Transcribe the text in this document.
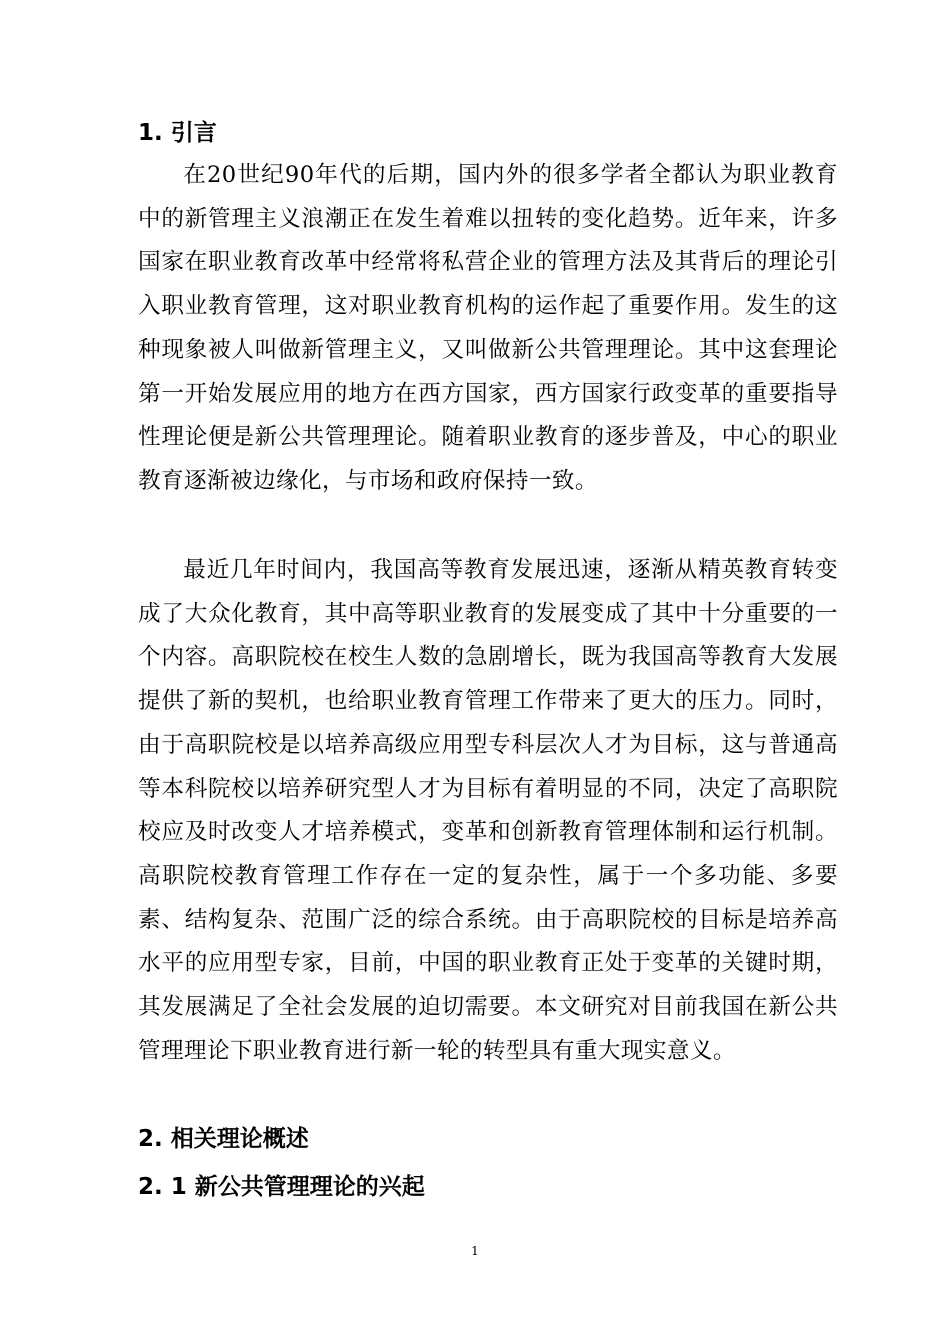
1. 引言

在20世纪90年代的后期，国内外的很多学者全都认为职业教育中的新管理主义浪潮正在发生着难以扭转的变化趋势。近年来，许多国家在职业教育改革中经常将私营企业的管理方法及其背后的理论引入职业教育管理，这对职业教育机构的运作起了重要作用。发生的这种现象被人叫做新管理主义，又叫做新公共管理理论。其中这套理论第一开始发展应用的地方在西方国家，西方国家行政变革的重要指导性理论便是新公共管理理论。随着职业教育的逐步普及，中心的职业教育逐渐被边缘化，与市场和政府保持一致。

最近几年时间内，我国高等教育发展迅速，逐渐从精英教育转变成了大众化教育，其中高等职业教育的发展变成了其中十分重要的一个内容。高职院校在校生人数的急剧增长，既为我国高等教育大发展提供了新的契机，也给职业教育管理工作带来了更大的压力。同时，由于高职院校是以培养高级应用型专科层次人才为目标，这与普通高等本科院校以培养研究型人才为目标有着明显的不同，决定了高职院校应及时改变人才培养模式，变革和创新教育管理体制和运行机制。高职院校教育管理工作存在一定的复杂性，属于一个多功能、多要素、结构复杂、范围广泛的综合系统。由于高职院校的目标是培养高水平的应用型专家，目前，中国的职业教育正处于变革的关键时期，其发展满足了全社会发展的迫切需要。本文研究对目前我国在新公共管理理论下职业教育进行新一轮的转型具有重大现实意义。

2. 相关理论概述
2. 1 新公共管理理论的兴起
1
